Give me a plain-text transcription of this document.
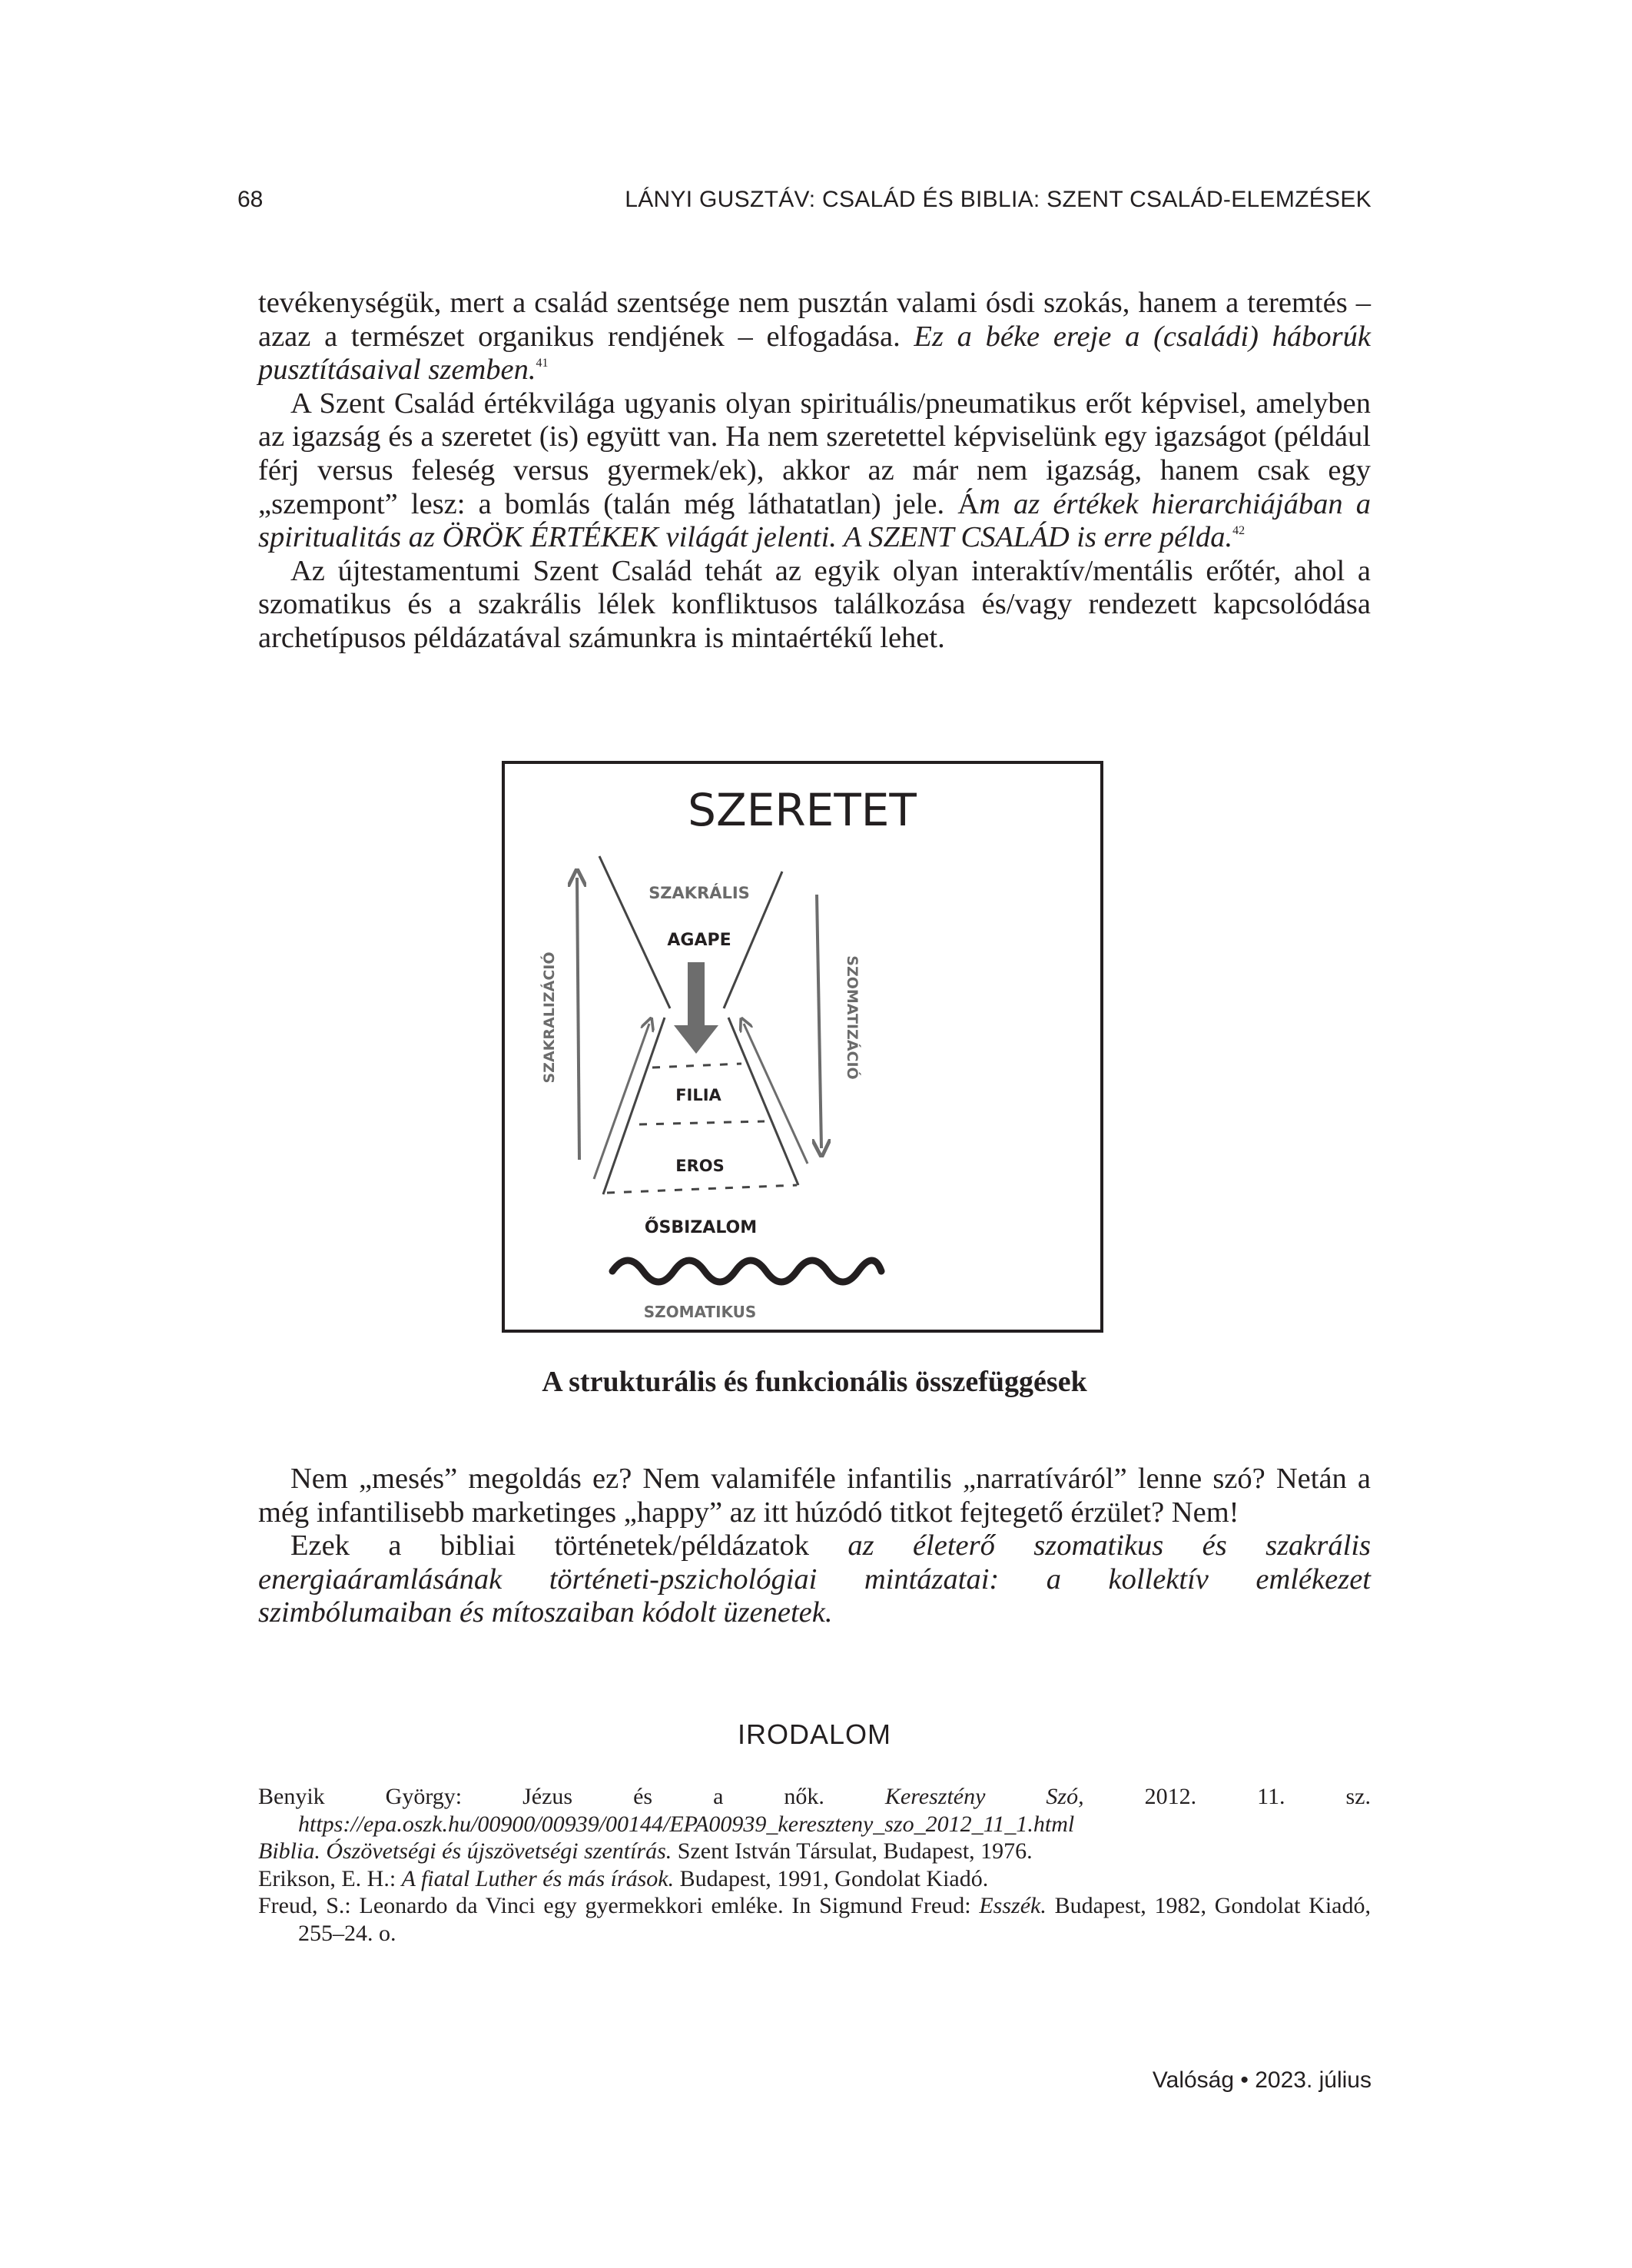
68	LÁNYI GUSZTÁV: CSALÁD ÉS BIBLIA: SZENT CSALÁD-ELEMZÉSEK

tevékenységük, mert a család szentsége nem pusztán valami ósdi szokás, hanem a teremtés – azaz a természet organikus rendjének – elfogadása. Ez a béke ereje a (családi) háborúk pusztításaival szemben.$^{41}$

A Szent Család értékvilága ugyanis olyan spirituális/pneumatikus erőt képvisel, amelyben az igazság és a szeretet (is) együtt van. Ha nem szeretettel képviselünk egy igazságot (például férj versus feleség versus gyermek/ek), akkor az már nem igazság, hanem csak egy „szempont” lesz: a bomlás (talán még láthatatlan) jele. Ám az értékek hierarchiájában a spiritualitás az ÖRÖK ÉRTÉKEK világát jelenti. A SZENT CSALÁD is erre példa.$^{42}$

Az újtestamentumi Szent Család tehát az egyik olyan interaktív/mentális erőtér, ahol a szomatikus és a szakrális lélek konfliktusos találkozása és/vagy rendezett kapcsolódása archetípusos példázatával számunkra is mintaértékű lehet.

SZERETET
SZAKRÁLIS
AGAPE
FILIA
EROS
ŐSBIZALOM
SZOMATIKUS
SZAKRALIZÁCIÓ	SZOMATIZÁCIÓ
A strukturális és funkcionális összefüggések

Nem „mesés” megoldás ez? Nem valamiféle infantilis „narratíváról” lenne szó? Netán a még infantilisebb marketinges „happy” az itt húzódó titkot fejtegető érzület? Nem!

Ezek a bibliai történetek/példázatok az életerő szomatikus és szakrális energiaáramlásának történeti-pszichológiai mintázatai: a kollektív emlékezet szimbólumaiban és mítoszaiban kódolt üzenetek.

IRODALOM
Benyik György: Jézus és a nők. Keresztény Szó, 2012. 11. sz. https://epa.oszk.hu/00900/00939/00144/EPA00939_kereszteny_szo_2012_11_1.html
Biblia. Ószövetségi és újszövetségi szentírás. Szent István Társulat, Budapest, 1976.
Erikson, E. H.: A fiatal Luther és más írások. Budapest, 1991, Gondolat Kiadó.
Freud, S.: Leonardo da Vinci egy gyermekkori emléke. In Sigmund Freud: Esszék. Budapest, 1982, Gondolat Kiadó, 255–24. o.
Valóság • 2023. július
